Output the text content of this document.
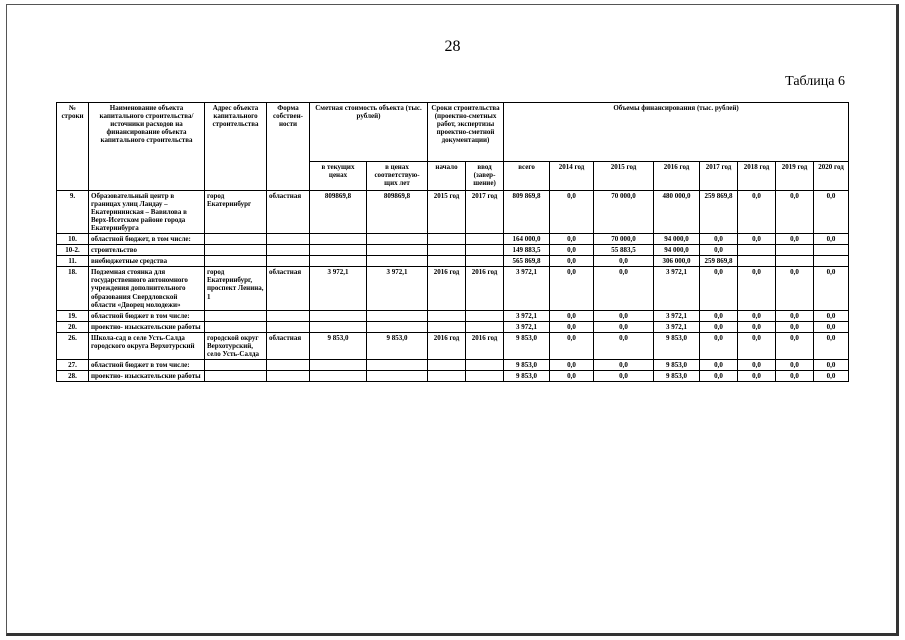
28
Таблица 6
№ строки	Наименование объекта капитального строительства/ источники расходов на финансирование объекта капитального строительства	Адрес объекта капитального строительства	Форма собствен-ности	Сметная стоимость объекта (тыс. рублей)		Сроки строительства (проектно-сметных работ, экспертизы проектно-сметной документации)		Объемы финансирования (тыс. рублей)							
				в текущих ценах	в ценах соответствую-щих лет	начало	ввод (завер-шение)	всего	2014 год	2015 год	2016 год	2017 год	2018 год	2019 год	2020 год
9.	Образовательный центр в границах улиц Ландау – Екатерининская – Вавилова в Верх-Исетском районе города Екатеринбурга	город Екатеринбург	областная	809869,8	809869,8	2015 год	2017 год	809 869,8	0,0	70 000,0	480 000,0	259 869,8	0,0	0,0	0,0
10.	областной бюджет, в том числе:							164 000,0	0,0	70 000,0	94 000,0	0,0	0,0	0,0	0,0
10-2.	строительство							149 883,5	0,0	55 883,5	94 000,0	0,0			
11.	внебюджетные средства							565 869,8	0,0	0,0	306 000,0	259 869,8			
18.	Подземная стоянка для государственного автономного учреждения дополнительного образования Свердловской области «Дворец молодежи»	город Екатеринбург, проспект Ленина, 1	областная	3 972,1	3 972,1	2016 год	2016 год	3 972,1	0,0	0,0	3 972,1	0,0	0,0	0,0	0,0
19.	областной бюджет в том числе:							3 972,1	0,0	0,0	3 972,1	0,0	0,0	0,0	0,0
20.	проектно- изыскательские работы							3 972,1	0,0	0,0	3 972,1	0,0	0,0	0,0	0,0
26.	Школа-сад в селе Усть-Салда городского округа Верхотурский	городской округ Верхотурский, село Усть-Салда	областная	9 853,0	9 853,0	2016 год	2016 год	9 853,0	0,0	0,0	9 853,0	0,0	0,0	0,0	0,0
27.	областной бюджет в том числе:							9 853,0	0,0	0,0	9 853,0	0,0	0,0	0,0	0,0
28.	проектно- изыскательские работы							9 853,0	0,0	0,0	9 853,0	0,0	0,0	0,0	0,0
